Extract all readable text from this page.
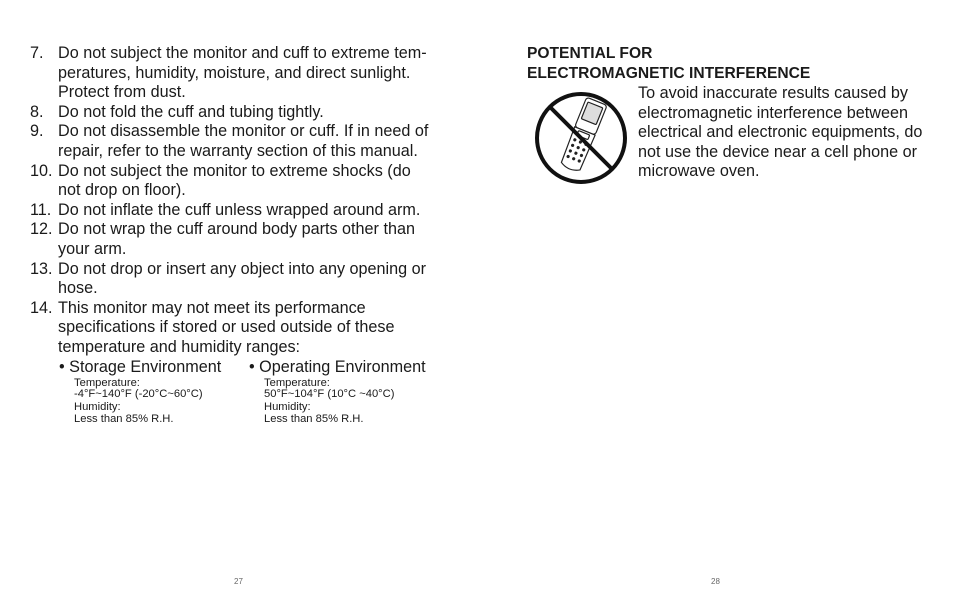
7. Do not subject the monitor and cuff to extreme tem-peratures, humidity, moisture, and direct sunlight. Protect from dust.
8. Do not fold the cuff and tubing tightly.
9. Do not disassemble the monitor or cuff. If in need of repair, refer to the warranty section of this manual.
10. Do not subject the monitor to extreme shocks (do not drop on floor).
11. Do not inflate the cuff unless wrapped around arm.
12. Do not wrap the cuff around body parts other than your arm.
13. Do not drop or insert any object into any opening or hose.
14. This monitor may not meet its performance specifications if stored or used outside of these temperature and humidity ranges:
• Storage Environment
Temperature:
-4°F~140°F (-20°C~60°C)
Humidity:
Less than 85% R.H.
• Operating Environment
Temperature:
50°F~104°F (10°C ~40°C)
Humidity:
Less than 85% R.H.
27
POTENTIAL FOR
ELECTROMAGNETIC INTERFERENCE
To avoid inaccurate results caused by electromagnetic interference between electrical and electronic equipments, do not use the device near a cell phone or microwave oven.
28
